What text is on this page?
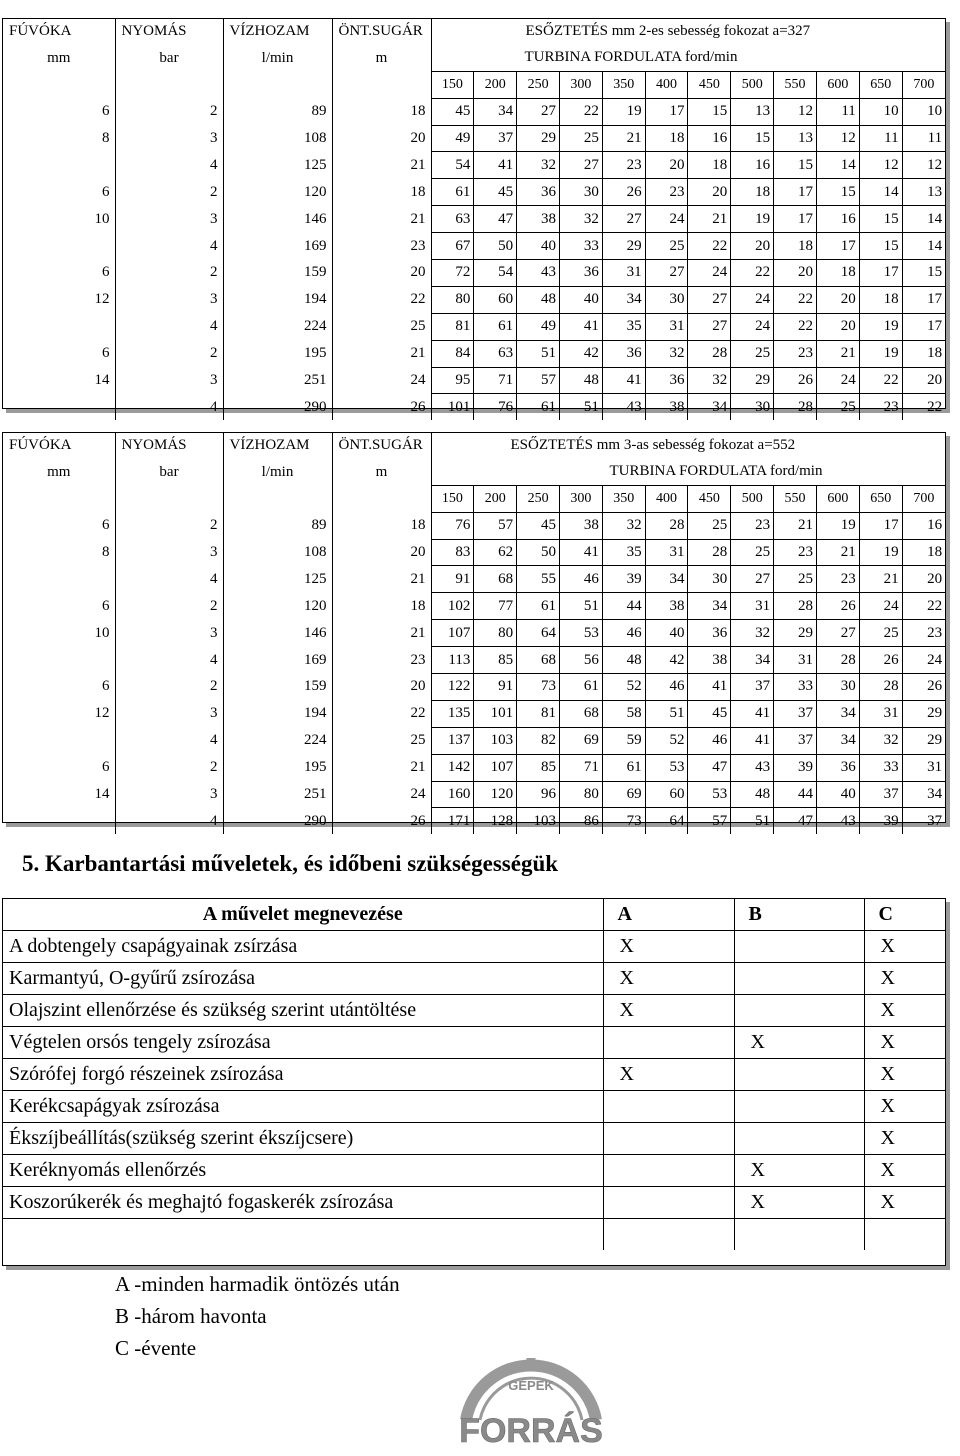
FÚVÓKA	NYOMÁS	VÍZHOZAM	ÖNT.SUGÁR	ESŐZTETÉS mm 2-es sebesség fokozat a=327											
mm	bar	l/min	m	TURBINA FORDULATA ford/min											
				150	200	250	300	350	400	450	500	550	600	650	700
6	2	89	18	45	34	27	22	19	17	15	13	12	11	10	10
8	3	108	20	49	37	29	25	21	18	16	15	13	12	11	11
	4	125	21	54	41	32	27	23	20	18	16	15	14	12	12
6	2	120	18	61	45	36	30	26	23	20	18	17	15	14	13
10	3	146	21	63	47	38	32	27	24	21	19	17	16	15	14
	4	169	23	67	50	40	33	29	25	22	20	18	17	15	14
6	2	159	20	72	54	43	36	31	27	24	22	20	18	17	15
12	3	194	22	80	60	48	40	34	30	27	24	22	20	18	17
	4	224	25	81	61	49	41	35	31	27	24	22	20	19	17
6	2	195	21	84	63	51	42	36	32	28	25	23	21	19	18
14	3	251	24	95	71	57	48	41	36	32	29	26	24	22	20
	4	290	26	101	76	61	51	43	38	34	30	28	25	23	22
FÚVÓKA	NYOMÁS	VÍZHOZAM	ÖNT.SUGÁR	ESŐZTETÉS mm 3-as sebesség fokozat a=552											
mm	bar	l/min	m	TURBINA FORDULATA ford/min											
				150	200	250	300	350	400	450	500	550	600	650	700
6	2	89	18	76	57	45	38	32	28	25	23	21	19	17	16
8	3	108	20	83	62	50	41	35	31	28	25	23	21	19	18
	4	125	21	91	68	55	46	39	34	30	27	25	23	21	20
6	2	120	18	102	77	61	51	44	38	34	31	28	26	24	22
10	3	146	21	107	80	64	53	46	40	36	32	29	27	25	23
	4	169	23	113	85	68	56	48	42	38	34	31	28	26	24
6	2	159	20	122	91	73	61	52	46	41	37	33	30	28	26
12	3	194	22	135	101	81	68	58	51	45	41	37	34	31	29
	4	224	25	137	103	82	69	59	52	46	41	37	34	32	29
6	2	195	21	142	107	85	71	61	53	47	43	39	36	33	31
14	3	251	24	160	120	96	80	69	60	53	48	44	40	37	34
	4	290	26	171	128	103	86	73	64	57	51	47	43	39	37
5. Karbantartási műveletek, és időbeni szükségességük
A művelet megnevezése	A	B	C
A dobtengely csapágyainak zsírzása	X		X
Karmantyú, O-gyűrű zsírozása	X		X
Olajszint ellenőrzése és szükség szerint utántöltése	X		X
Végtelen orsós tengely zsírozása		X	X
Szórófej forgó részeinek zsírozása	X		X
Kerékcsapágyak zsírozása			X
Ékszíjbeállítás(szükség szerint ékszíjcsere)			X
Keréknyomás ellenőrzés		X	X
Koszorúkerék és meghajtó fogaskerék zsírozása		X	X

A -minden harmadik öntözés után
B -három havonta
C -évente
GÉPEK
FORRÁS
